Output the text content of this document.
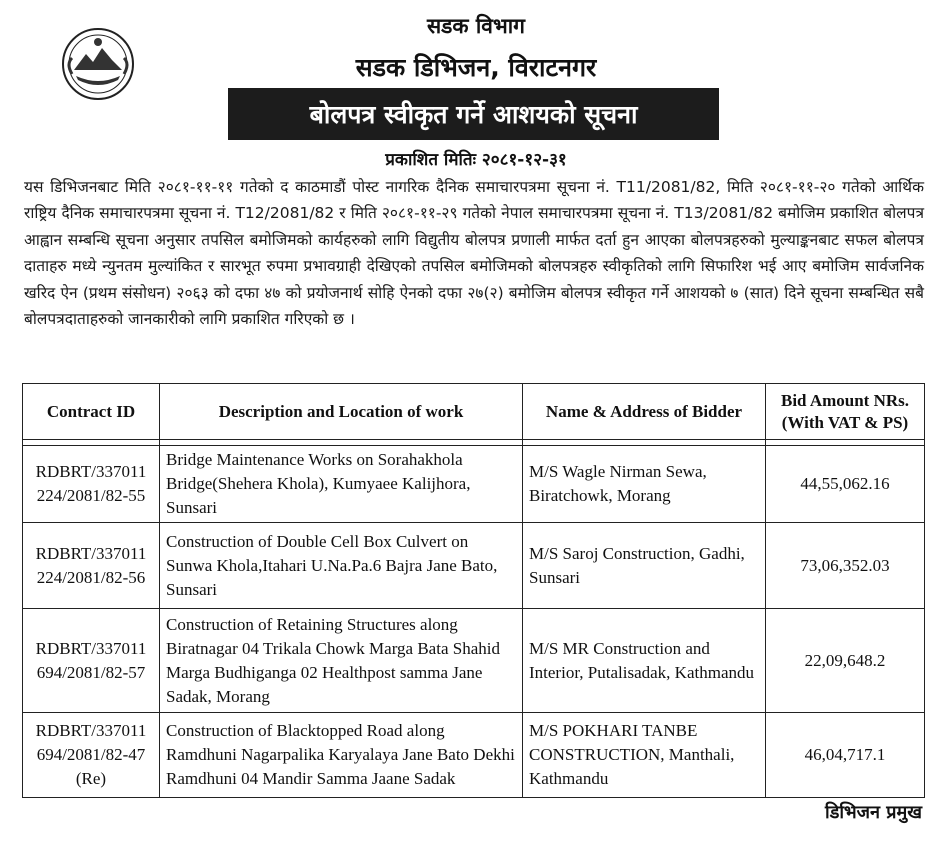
सडक विभाग
सडक डिभिजन, विराटनगर
बोलपत्र स्वीकृत गर्ने आशयको सूचना
प्रकाशित मितिः २०८१-१२-३१
यस डिभिजनबाट मिति २०८१-११-११ गतेको द काठमाडौं पोस्ट नागरिक दैनिक समाचारपत्रमा सूचना नं. T11/2081/82, मिति २०८१-११-२० गतेको आर्थिक राष्ट्रिय दैनिक समाचारपत्रमा सूचना नं. T12/2081/82 र मिति २०८१-११-२९ गतेको नेपाल समाचारपत्रमा सूचना नं. T13/2081/82 बमोजिम प्रकाशित बोलपत्र आह्वान सम्बन्धि सूचना अनुसार तपसिल बमोजिमको कार्यहरुको लागि विद्युतीय बोलपत्र प्रणाली मार्फत दर्ता हुन आएका बोलपत्रहरुको मुल्याङ्कनबाट सफल बोलपत्र दाताहरु मध्ये न्युनतम मुल्यांकित र सारभूत रुपमा प्रभावग्राही देखिएको तपसिल बमोजिमको बोलपत्रहरु स्वीकृतिको लागि सिफारिश भई आए बमोजिम सार्वजनिक खरिद ऐन (प्रथम संसोधन) २०६३ को दफा ४७ को प्रयोजनार्थ सोहि ऐनको दफा २७(२) बमोजिम बोलपत्र स्वीकृत गर्ने आशयको ७ (सात) दिने सूचना सम्बन्धित सबै बोलपत्रदाताहरुको जानकारीको लागि प्रकाशित गरिएको छ ।
Contract ID	Description and Location of work	Name & Address of Bidder	Bid Amount NRs.
(With VAT & PS)

RDBRT/337011
224/2081/82-55	Bridge Maintenance Works on Sorahakhola Bridge(Shehera Khola), Kumyaee Kalijhora, Sunsari	M/S Wagle Nirman Sewa, Biratchowk, Morang	44,55,062.16

RDBRT/337011
224/2081/82-56	Construction of Double Cell Box Culvert on Sunwa Khola,Itahari U.Na.Pa.6 Bajra Jane Bato, Sunsari	M/S Saroj Construction, Gadhi, Sunsari	73,06,352.03

RDBRT/337011
694/2081/82-57	Construction of Retaining Structures along Biratnagar 04 Trikala Chowk Marga Bata Shahid Marga Budhiganga 02 Healthpost samma Jane Sadak, Morang	M/S MR Construction and Interior, Putalisadak, Kathmandu	22,09,648.2

RDBRT/337011
694/2081/82-47
(Re)	Construction of Blacktopped Road along Ramdhuni Nagarpalika Karyalaya Jane Bato Dekhi Ramdhuni 04 Mandir Samma Jaane Sadak	M/S POKHARI TANBE CONSTRUCTION, Manthali, Kathmandu	46,04,717.1
डिभिजन प्रमुख
